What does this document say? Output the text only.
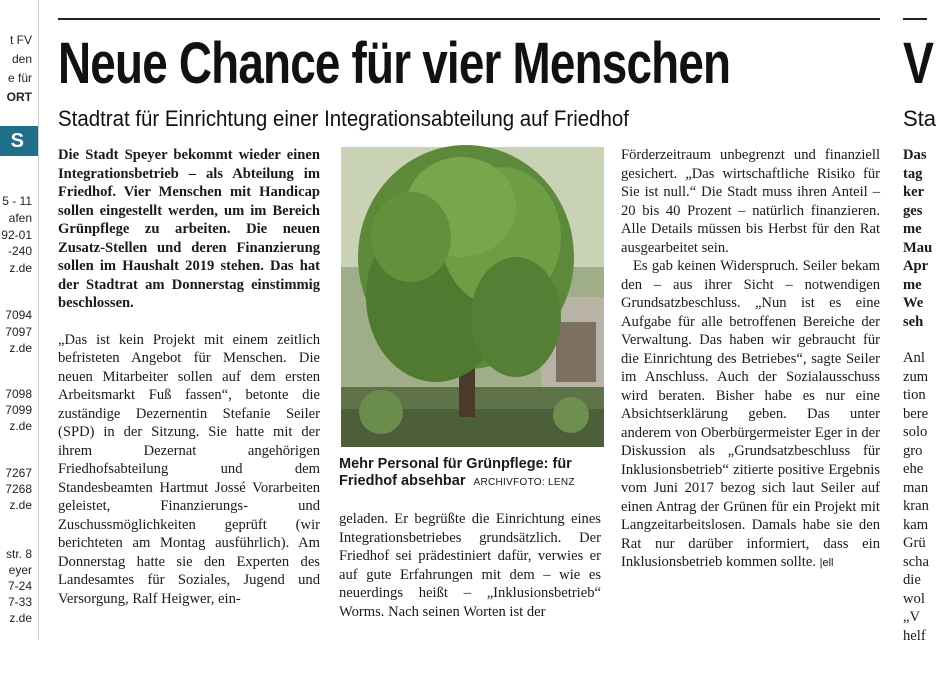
t FV
den
e für
ORT
S
5 - 11
afen
92-01
-240
z.de
7094
7097
z.de
7098
7099
z.de
7267
7268
z.de
str. 8
eyer
7-24
7-33
z.de
Neue Chance für vier Menschen
Stadtrat für Einrichtung einer Integrationsabteilung auf Friedhof

Die Stadt Speyer bekommt wieder einen Integrationsbetrieb – als Abteilung im Friedhof. Vier Menschen mit Handicap sollen eingestellt werden, um im Bereich Grünpflege zu arbeiten. Die neuen Zusatz-Stellen und deren Finanzierung sollen im Haushalt 2019 stehen. Das hat der Stadtrat am Donnerstag einstimmig beschlossen.

„Das ist kein Projekt mit einem zeitlich befristeten Angebot für Menschen. Die neuen Mitarbeiter sollen auf dem ersten Arbeitsmarkt Fuß fassen“, betonte die zuständige Dezernentin Stefanie Seiler (SPD) in der Sitzung. Sie hatte mit der ihrem Dezernat angehörigen Friedhofsabteilung und dem Standesbeamten Hartmut Jossé Vorarbeiten geleistet, Finanzierungs- und Zuschussmöglichkeiten geprüft (wir berichteten am Montag ausführlich). Am Donnerstag hatte sie den Experten des Landesamtes für Soziales, Jugend und Versorgung, Ralf Heigwer, ein-

Mehr Personal für Grünpflege: für Friedhof absehbar ARCHIVFOTO: LENZ

geladen. Er begrüßte die Einrichtung eines Integrationsbetriebes grundsätzlich. Der Friedhof sei prädestiniert dafür, verwies er auf gute Erfahrungen mit dem – wie es neuerdings heißt – „Inklusionsbetrieb“ Worms. Nach seinen Worten ist der

Förderzeitraum unbegrenzt und finanziell gesichert. „Das wirtschaftliche Risiko für Sie ist null.“ Die Stadt muss ihren Anteil – 20 bis 40 Prozent – natürlich finanzieren. Alle Details müssen bis Herbst für den Rat ausgearbeitet sein.

Es gab keinen Widerspruch. Seiler bekam den – aus ihrer Sicht – notwendigen Grundsatzbeschluss. „Nun ist es eine Aufgabe für alle betroffenen Bereiche der Verwaltung. Das haben wir gebraucht für die Einrichtung des Betriebes“, sagte Seiler im Anschluss. Auch der Sozialausschuss wird beraten. Bisher habe es nur eine Absichtserklärung geben. Das unter anderem von Oberbürgermeister Eger in der Diskussion als „Grundsatzbeschluss für Inklusionsbetrieb“ zitierte positive Ergebnis vom Juni 2017 bezog sich laut Seiler auf einen Antrag der Grünen für ein Projekt mit Langzeitarbeitslosen. Damals habe sie den Rat nur darüber informiert, dass ein Inklusionsbetrieb kommen sollte. |ell

V
Sta
Das
tag
ker
ges
me
Mau
Apr
me
We
seh
Anl
zum
tion
bere
solo
gro
ehe
man
kran
kam
Grü
scha
die
wol
„V
helf
